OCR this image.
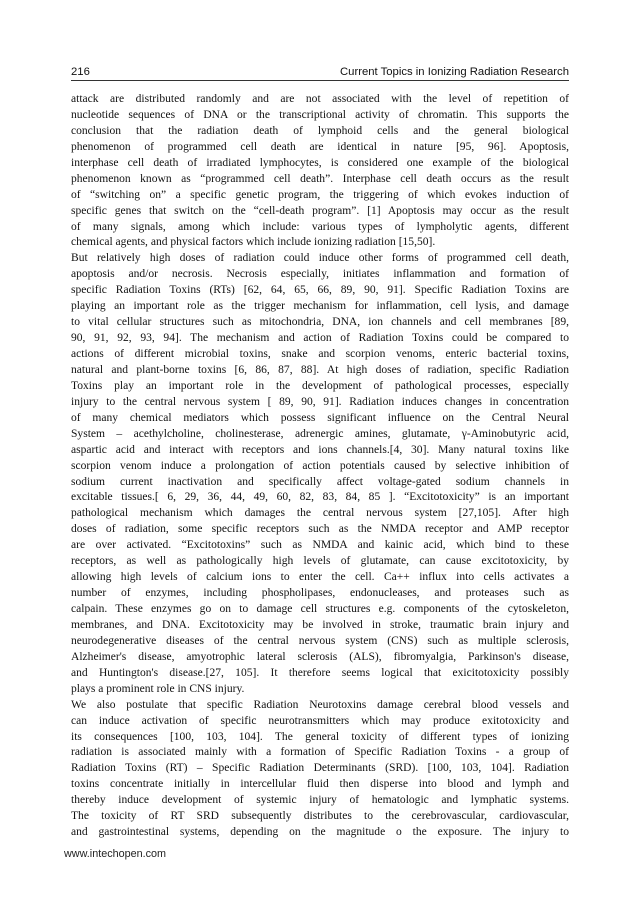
216	Current Topics in Ionizing Radiation Research
attack are distributed randomly and are not associated with the level of repetition of
nucleotide sequences of DNA or the transcriptional activity of chromatin. This supports the
conclusion that the radiation death of lymphoid cells and the general biological
phenomenon of programmed cell death are identical in nature [95, 96]. Apoptosis,
interphase cell death of irradiated lymphocytes, is considered one example of the biological
phenomenon known as “programmed cell death”. Interphase cell death occurs as the result
of “switching on” a specific genetic program, the triggering of which evokes induction of
specific genes that switch on the “cell-death program”. [1] Apoptosis may occur as the result
of many signals, among which include: various types of lympholytic agents, different
chemical agents, and physical factors which include ionizing radiation [15,50].
But relatively high doses of radiation could induce other forms of programmed cell death,
apoptosis and/or necrosis. Necrosis especially, initiates inflammation and formation of
specific Radiation Toxins (RTs) [62, 64, 65, 66, 89, 90, 91]. Specific Radiation Toxins are
playing an important role as the trigger mechanism for inflammation, cell lysis, and damage
to vital cellular structures such as mitochondria, DNA, ion channels and cell membranes [89,
90, 91, 92, 93, 94]. The mechanism and action of Radiation Toxins could be compared to
actions of different microbial toxins, snake and scorpion venoms, enteric bacterial toxins,
natural and plant-borne toxins [6, 86, 87, 88]. At high doses of radiation, specific Radiation
Toxins play an important role in the development of pathological processes, especially
injury to the central nervous system [ 89, 90, 91]. Radiation induces changes in concentration
of many chemical mediators which possess significant influence on the Central Neural
System – acethylcholine, cholinesterase, adrenergic amines, glutamate, γ-Aminobutyric acid,
aspartic acid and interact with receptors and ions channels.[4, 30]. Many natural toxins like
scorpion venom induce a prolongation of action potentials caused by selective inhibition of
sodium current inactivation and specifically affect voltage-gated sodium channels in
excitable tissues.[ 6, 29, 36, 44, 49, 60, 82, 83, 84, 85 ]. “Excitotoxicity” is an important
pathological mechanism which damages the central nervous system [27,105]. After high
doses of radiation, some specific receptors such as the NMDA receptor and AMP receptor
are over activated. “Excitotoxins” such as NMDA and kainic acid, which bind to these
receptors, as well as pathologically high levels of glutamate, can cause excitotoxicity, by
allowing high levels of calcium ions to enter the cell. Ca++ influx into cells activates a
number of enzymes, including phospholipases, endonucleases, and proteases such as
calpain. These enzymes go on to damage cell structures e.g. components of the cytoskeleton,
membranes, and DNA. Excitotoxicity may be involved in stroke, traumatic brain injury and
neurodegenerative diseases of the central nervous system (CNS) such as multiple sclerosis,
Alzheimer's disease, amyotrophic lateral sclerosis (ALS), fibromyalgia, Parkinson's disease,
and Huntington's disease.[27, 105]. It therefore seems logical that exicitotoxicity possibly
plays a prominent role in CNS injury.
We also postulate that specific Radiation Neurotoxins damage cerebral blood vessels and
can induce activation of specific neurotransmitters which may produce exitotoxicity and
its consequences [100, 103, 104]. The general toxicity of different types of ionizing
radiation is associated mainly with a formation of Specific Radiation Toxins - a group of
Radiation Toxins (RT) – Specific Radiation Determinants (SRD). [100, 103, 104]. Radiation
toxins concentrate initially in intercellular fluid then disperse into blood and lymph and
thereby induce development of systemic injury of hematologic and lymphatic systems.
The toxicity of RT SRD subsequently distributes to the cerebrovascular, cardiovascular,
and gastrointestinal systems, depending on the magnitude o the exposure. The injury to
www.intechopen.com
